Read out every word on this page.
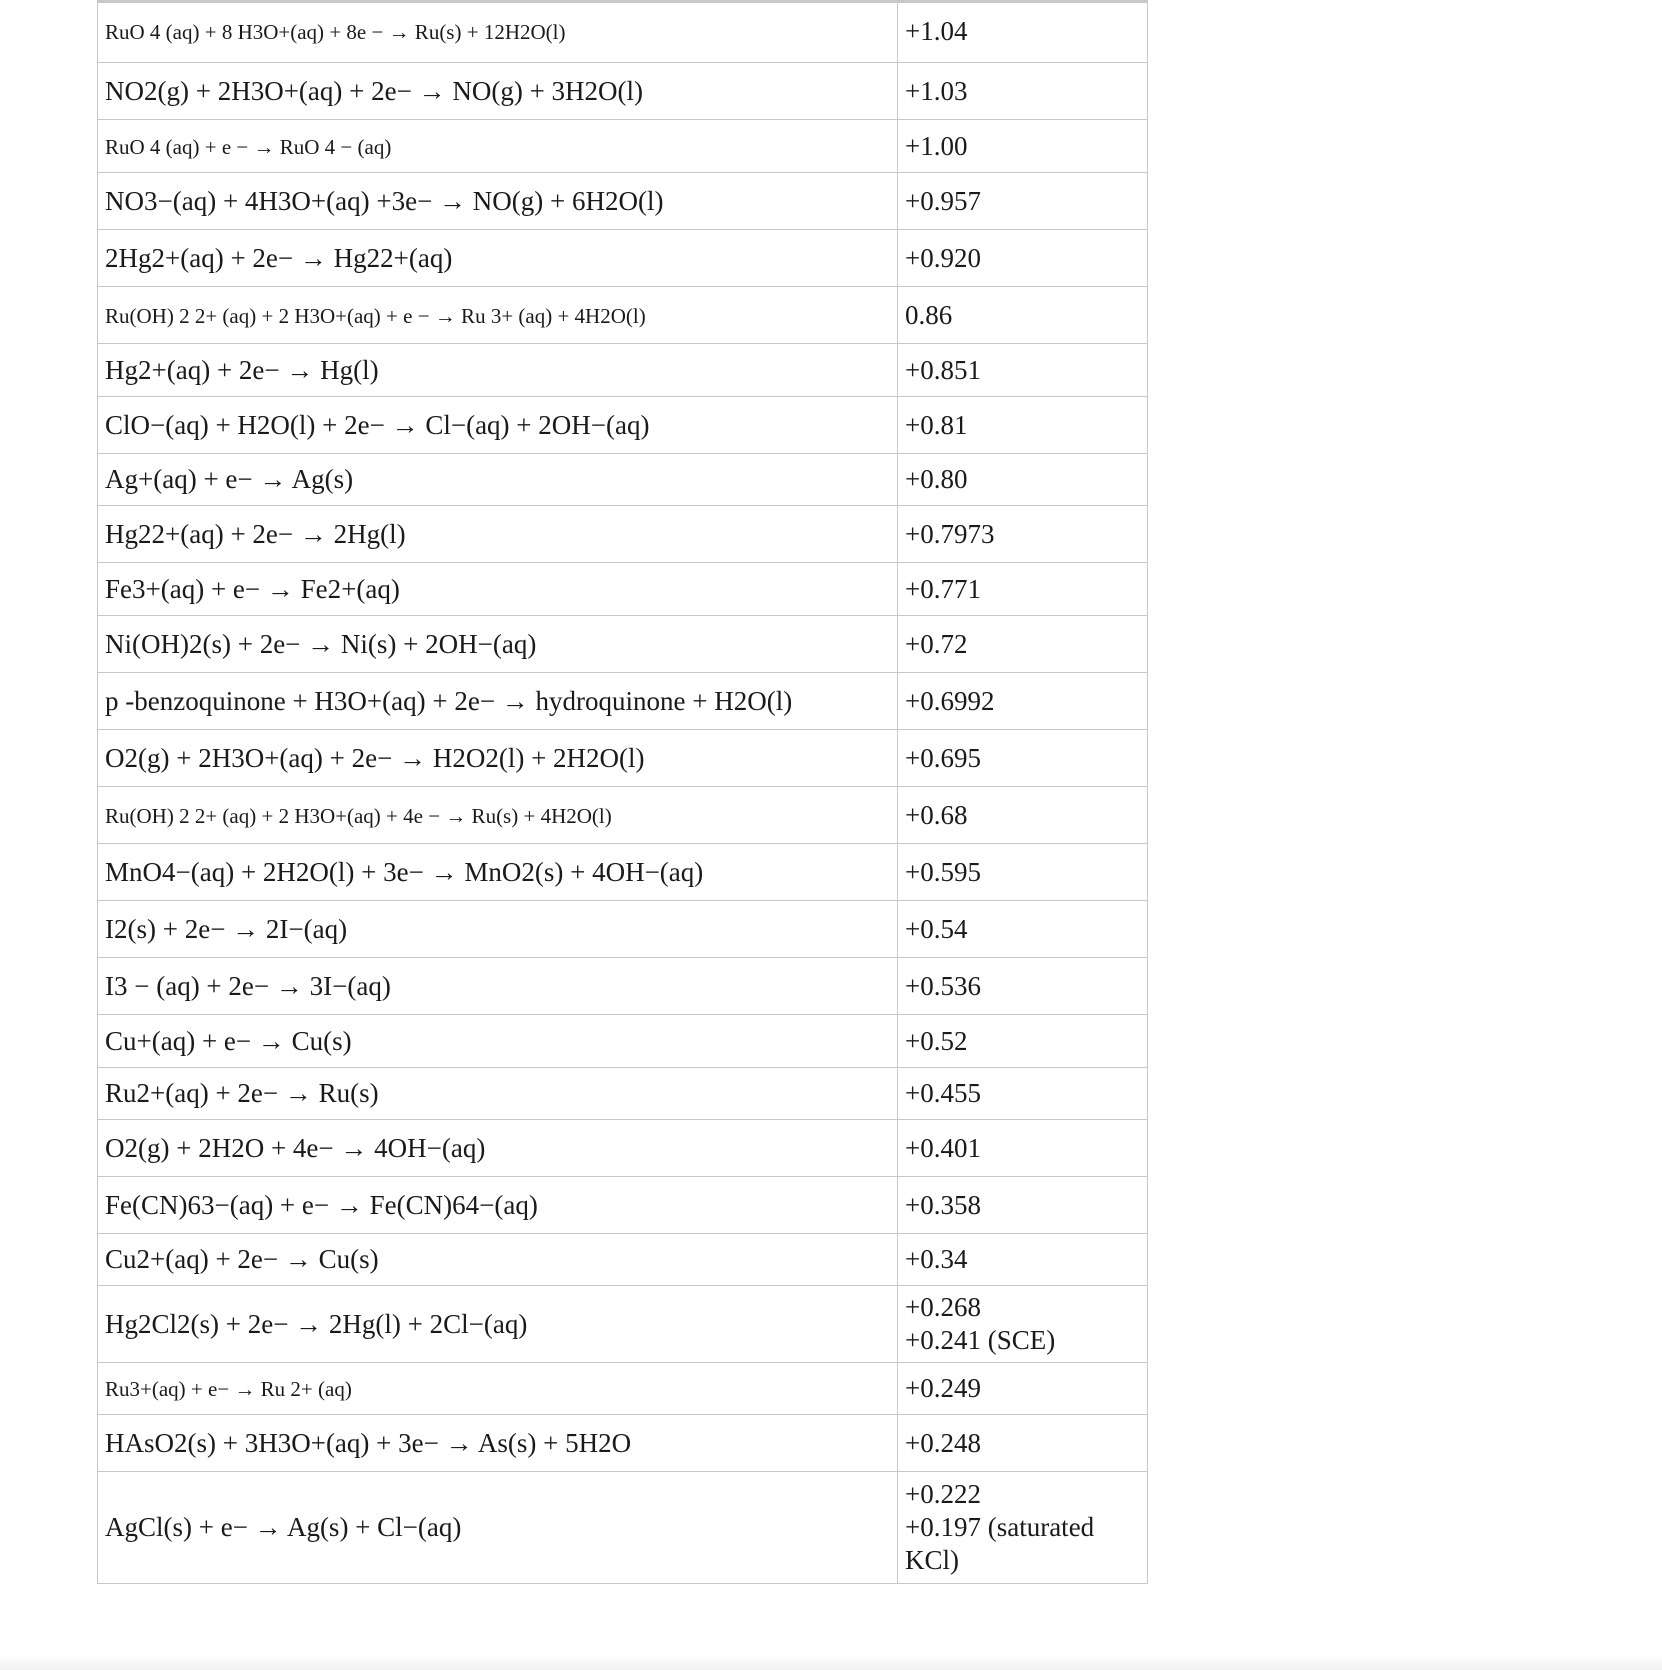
RuO 4 (aq) + 8 H3O+(aq) + 8e − → Ru(s) + 12H2O(l)	+1.04

NO2(g) + 2H3O+(aq) + 2e− → NO(g) + 3H2O(l)	+1.03

RuO 4 (aq) + e − → RuO 4 − (aq)	+1.00

NO3−(aq) + 4H3O+(aq) +3e− → NO(g) + 6H2O(l)	+0.957

2Hg2+(aq) + 2e− → Hg22+(aq)	+0.920

Ru(OH) 2 2+ (aq) + 2 H3O+(aq) + e − → Ru 3+ (aq) + 4H2O(l)	0.86

Hg2+(aq) + 2e− → Hg(l)	+0.851

ClO−(aq) + H2O(l) + 2e− → Cl−(aq) + 2OH−(aq)	+0.81

Ag+(aq) + e− → Ag(s)	+0.80

Hg22+(aq) + 2e− → 2Hg(l)	+0.7973

Fe3+(aq) + e− → Fe2+(aq)	+0.771

Ni(OH)2(s) + 2e− → Ni(s) + 2OH−(aq)	+0.72

p -benzoquinone + H3O+(aq) + 2e− → hydroquinone + H2O(l)	+0.6992

O2(g) + 2H3O+(aq) + 2e− → H2O2(l) + 2H2O(l)	+0.695

Ru(OH) 2 2+ (aq) + 2 H3O+(aq) + 4e − → Ru(s) + 4H2O(l)	+0.68

MnO4−(aq) + 2H2O(l) + 3e− → MnO2(s) + 4OH−(aq)	+0.595

I2(s) + 2e− → 2I−(aq)	+0.54

I3 − (aq) + 2e− → 3I−(aq)	+0.536

Cu+(aq) + e− → Cu(s)	+0.52

Ru2+(aq) + 2e− → Ru(s)	+0.455

O2(g) + 2H2O + 4e− → 4OH−(aq)	+0.401

Fe(CN)63−(aq) + e− → Fe(CN)64−(aq)	+0.358

Cu2+(aq) + 2e− → Cu(s)	+0.34

Hg2Cl2(s) + 2e− → 2Hg(l) + 2Cl−(aq)	+0.268
+0.241 (SCE)

Ru3+(aq) + e− → Ru 2+ (aq)	+0.249

HAsO2(s) + 3H3O+(aq) + 3e− → As(s) + 5H2O	+0.248

AgCl(s) + e− → Ag(s) + Cl−(aq)	+0.222
+0.197 (saturated KCl)
